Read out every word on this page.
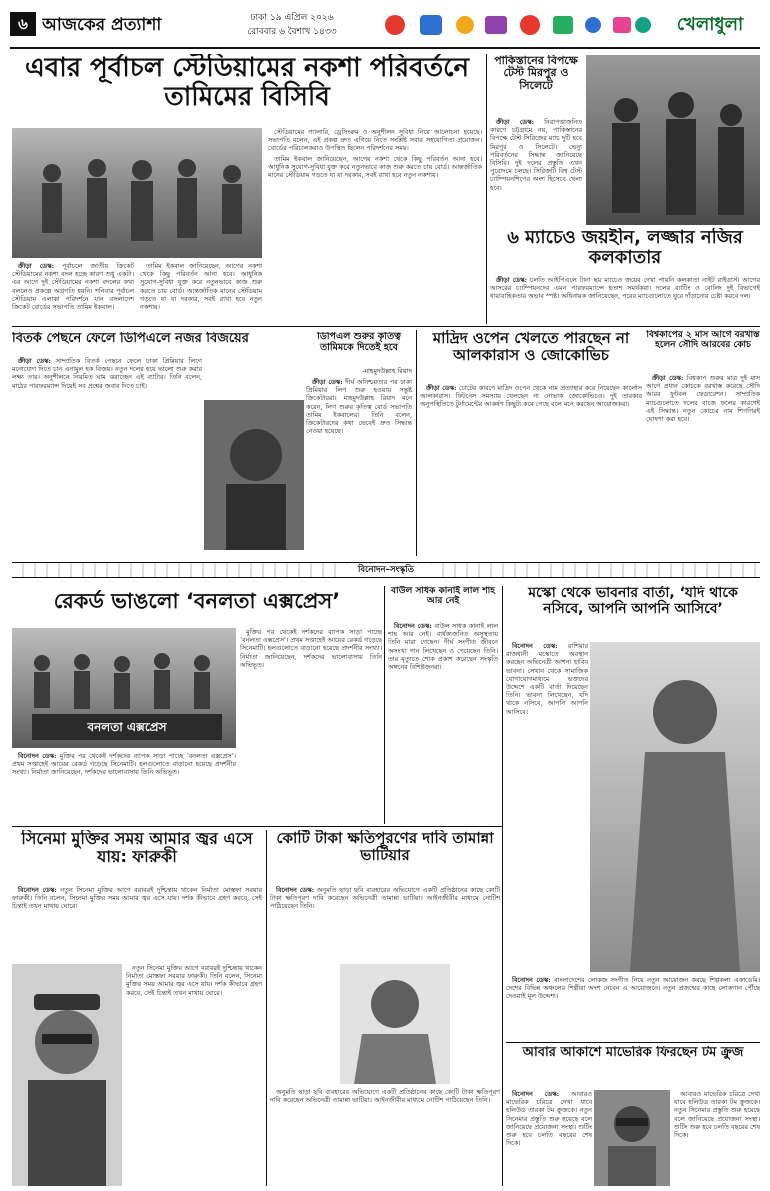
৬ আজকের প্রত্যাশা	ঢাকা ১৯ এপ্রিল ২০২৬
রোববার ৬ বৈশাখ ১৪৩৩	খেলাধুলা
এবার পূর্বাচল স্টেডিয়ামের নকশা পরিবর্তনে তামিমের বিসিবি

ক্রীড়া ডেস্ক: পূর্বাচলে জাতীয় ক্রিকেট স্টেডিয়ামের নকশা বদল হচ্ছে কারণ শুধু একটা। এর আগে দুই স্টেডিয়ামের নকশা বদলের কথা বললেও প্রকল্পে অগ্রগতি হয়নি। শনিবার পূর্বাচল স্টেডিয়াম এলাকা পরিদর্শনে যান বাংলাদেশ ক্রিকেট বোর্ডের সভাপতি তামিম ইকবাল।

তামিম ইকবাল জানিয়েছেন, আগের নকশা থেকে কিছু পরিবর্তন আনা হবে। আধুনিক সুযোগ-সুবিধা যুক্ত করে নতুনভাবে কাজ শুরু করতে চায় বোর্ড। আন্তর্জাতিক মানের স্টেডিয়াম গড়তে যা যা দরকার, সবই রাখা হবে নতুন নকশায়।

স্টেডিয়ামের গ্যালারি, ড্রেসিংরুম ও অনুশীলন সুবিধা নিয়ে আলোচনা হয়েছে। সভাপতি বলেন, এই প্রকল্প দ্রুত এগিয়ে নিতে সংশ্লিষ্ট সবার সহযোগিতা প্রয়োজন। বোর্ডের পরিচালকরাও উপস্থিত ছিলেন পরিদর্শনের সময়।

তামিম ইকবাল জানিয়েছেন, আগের নকশা থেকে কিছু পরিবর্তন আনা হবে। আধুনিক সুযোগ-সুবিধা যুক্ত করে নতুনভাবে কাজ শুরু করতে চায় বোর্ড। আন্তর্জাতিক মানের স্টেডিয়াম গড়তে যা যা দরকার, সবই রাখা হবে নতুন নকশায়।

পাকিস্তানের বিপক্ষে টেস্ট মিরপুর ও সিলেটে

ক্রীড়া ডেস্ক: নিরাপত্তাজনিত কারণে চট্টগ্রামে নয়, পাকিস্তানের বিপক্ষে টেস্ট সিরিজের ম্যাচ দুটি হবে মিরপুর ও সিলেটে। ভেন্যু পরিবর্তনের সিদ্ধান্ত জানিয়েছে বিসিবি। দুই দলের প্রস্তুতি এখন পুরোদমে চলছে। সিরিজটি বিশ্ব টেস্ট চ্যাম্পিয়নশিপের অংশ হিসেবে খেলা হবে।

৬ ম্যাচেও জয়হীন, লজ্জার নজির কলকাতার

ক্রীড়া ডেস্ক: চলতি আইপিএলে টানা ছয় ম্যাচেও জয়ের দেখা পায়নি কলকাতা নাইট রাইডার্স। আগের আসরের চ্যাম্পিয়নদের এমন পারফরম্যান্সে হতাশ সমর্থকরা। দলের ব্যাটিং ও বোলিং দুই বিভাগেই ধারাবাহিকতার অভাব স্পষ্ট। অধিনায়ক জানিয়েছেন, পরের ম্যাচগুলোতে ঘুরে দাঁড়ানোর চেষ্টা করবে দল।

বিতর্ক পেছনে ফেলে ডিপিএলে নজর বিজয়ের

ক্রীড়া ডেস্ক: সাম্প্রতিক বিতর্ক পেছনে ফেলে ঢাকা প্রিমিয়ার লিগে মনোযোগ দিতে চান এনামুল হক বিজয়। নতুন দলের হয়ে ভালো শুরু করার লক্ষ্য তার। অনুশীলনে নিয়মিত ঘাম ঝরাচ্ছেন এই ব্যাটার। তিনি বলেন, মাঠের পারফরম্যান্স দিয়েই সব প্রশ্নের জবাব দিতে চাই।

ডিপিএল শুরুর কৃতিত্ব তামিমকে দিতেই হবে
-মাহমুদউল্লাহ রিয়াদ

ক্রীড়া ডেস্ক: দীর্ঘ অনিশ্চয়তার পর ঢাকা প্রিমিয়ার লিগ শুরু হওয়ায় সন্তুষ্ট ক্রিকেটাররা। মাহমুদউল্লাহ রিয়াদ মনে করেন, লিগ শুরুর কৃতিত্ব বোর্ড সভাপতি তামিম ইকবালের। তিনি বলেন, ক্রিকেটারদের কথা ভেবেই দ্রুত সিদ্ধান্ত নেওয়া হয়েছে।

মাদ্রিদ ওপেন খেলতে পারছেন না আলকারাস ও জোকোভিচ

ক্রীড়া ডেস্ক: চোটের কারণে মাদ্রিদ ওপেন থেকে নাম প্রত্যাহার করে নিয়েছেন কার্লোস আলকারাস। ফিটনেস সমস্যায় খেলছেন না নোভাক জোকোভিচও। দুই তারকার অনুপস্থিতিতে টুর্নামেন্টের আকর্ষণ কিছুটা কমে গেছে বলে মনে করছেন আয়োজকরা।

বিশ্বকাপের ২ মাস আগে বরখাস্ত হলেন সৌদি আরবের কোচ

ক্রীড়া ডেস্ক: বিশ্বকাপ শুরুর মাত্র দুই মাস আগে প্রধান কোচকে বরখাস্ত করেছে সৌদি আরব ফুটবল ফেডারেশন। সাম্প্রতিক ম্যাচগুলোতে দলের বাজে ফলের কারণেই এই সিদ্ধান্ত। নতুন কোচের নাম শিগগিরই ঘোষণা করা হবে।

বিনোদন–সংস্কৃতি
রেকর্ড ভাঙলো ‘বনলতা এক্সপ্রেস’
বনলতা এক্সপ্রেস

বিনোদন ডেস্ক: মুক্তির পর থেকেই দর্শকদের ব্যাপক সাড়া পাচ্ছে ‘বনলতা এক্সপ্রেস’। প্রথম সপ্তাহেই আয়ের রেকর্ড গড়েছে সিনেমাটি। হলগুলোতে বাড়ানো হয়েছে প্রদর্শনীর সংখ্যা। নির্মাতা জানিয়েছেন, দর্শকদের ভালোবাসায় তিনি অভিভূত।

মুক্তির পর থেকেই দর্শকদের ব্যাপক সাড়া পাচ্ছে ‘বনলতা এক্সপ্রেস’। প্রথম সপ্তাহেই আয়ের রেকর্ড গড়েছে সিনেমাটি। হলগুলোতে বাড়ানো হয়েছে প্রদর্শনীর সংখ্যা। নির্মাতা জানিয়েছেন, দর্শকদের ভালোবাসায় তিনি অভিভূত।

বাউল সাধক কানাই লাল শাহ আর নেই

বিনোদন ডেস্ক: বাউল সাধক কানাই লাল শাহ আর নেই। বার্ধক্যজনিত অসুস্থতায় তিনি মারা গেছেন। দীর্ঘ সংগীত জীবনে অসংখ্য গান লিখেছেন ও গেয়েছেন তিনি। তার মৃত্যুতে শোক প্রকাশ করেছেন সংস্কৃতি অঙ্গনের বিশিষ্টজনরা।

মস্কো থেকে ভাবনার বার্তা, ‘যদি থাকে নসিবে, আপনি আপনি আসিবে’

বিনোদন ডেস্ক: রাশিয়ার রাজধানী মস্কোতে অবস্থান করছেন অভিনেত্রী আশনা হাবিব ভাবনা। সেখান থেকে সামাজিক যোগাযোগমাধ্যমে ভক্তদের উদ্দেশে একটি বার্তা দিয়েছেন তিনি। ভাবনা লিখেছেন, যদি থাকে নসিবে, আপনি আপনি আসিবে।

সিনেমা মুক্তির সময় আমার জ্বর এসে যায়: ফারুকী

বিনোদন ডেস্ক: নতুন সিনেমা মুক্তির আগে বরাবরই দুশ্চিন্তায় থাকেন নির্মাতা মোস্তফা সরয়ার ফারুকী। তিনি বলেন, সিনেমা মুক্তির সময় আমার জ্বর এসে যায়। দর্শক কীভাবে গ্রহণ করবে, সেই চিন্তাই তখন মাথায় ঘোরে।

নতুন সিনেমা মুক্তির আগে বরাবরই দুশ্চিন্তায় থাকেন নির্মাতা মোস্তফা সরয়ার ফারুকী। তিনি বলেন, সিনেমা মুক্তির সময় আমার জ্বর এসে যায়। দর্শক কীভাবে গ্রহণ করবে, সেই চিন্তাই তখন মাথায় ঘোরে।

কোটি টাকা ক্ষতিপূরণের দাবি তামান্না ভাটিয়ার

বিনোদন ডেস্ক: অনুমতি ছাড়া ছবি ব্যবহারের অভিযোগে একটি প্রতিষ্ঠানের কাছে কোটি টাকা ক্ষতিপূরণ দাবি করেছেন অভিনেত্রী তামান্না ভাটিয়া। আইনজীবীর মাধ্যমে নোটিশ পাঠিয়েছেন তিনি।

অনুমতি ছাড়া ছবি ব্যবহারের অভিযোগে একটি প্রতিষ্ঠানের কাছে কোটি টাকা ক্ষতিপূরণ দাবি করেছেন অভিনেত্রী তামান্না ভাটিয়া। আইনজীবীর মাধ্যমে নোটিশ পাঠিয়েছেন তিনি।

বিনোদন ডেস্ক: বাংলাদেশের লোকজ সংগীত নিয়ে নতুন আয়োজন করছে শিল্পকলা একাডেমি। দেশের বিভিন্ন অঞ্চলের শিল্পীরা অংশ নেবেন এ আয়োজনে। নতুন প্রজন্মের কাছে লোকগান পৌঁছে দেওয়াই মূল উদ্দেশ্য।

আবার আকাশে মাভেরিক ফিরছেন টম ক্রুজ

বিনোদন ডেস্ক: আবারও মাভেরিক চরিত্রে দেখা যাবে হলিউড তারকা টম ক্রুজকে। নতুন সিনেমার প্রস্তুতি শুরু হয়েছে বলে জানিয়েছে প্রযোজনা সংস্থা। শুটিং শুরু হবে চলতি বছরের শেষ দিকে।

আবারও মাভেরিক চরিত্রে দেখা যাবে হলিউড তারকা টম ক্রুজকে। নতুন সিনেমার প্রস্তুতি শুরু হয়েছে বলে জানিয়েছে প্রযোজনা সংস্থা। শুটিং শুরু হবে চলতি বছরের শেষ দিকে।
